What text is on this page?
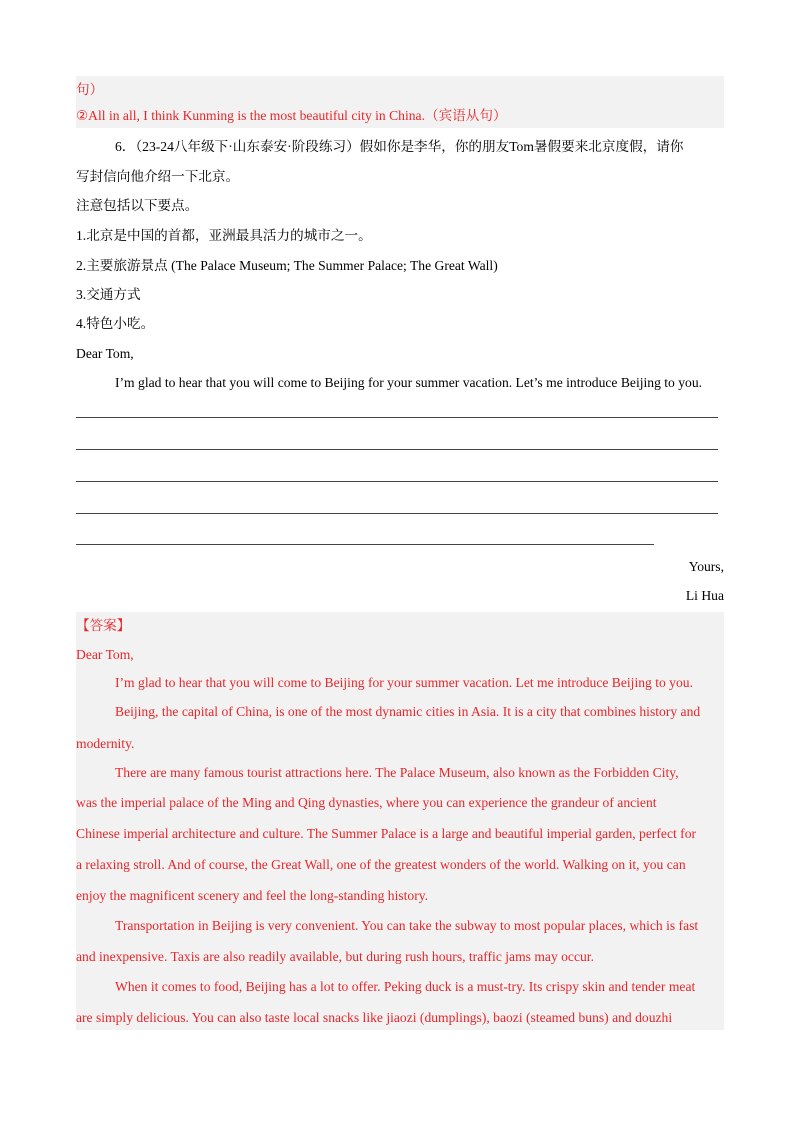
句）
②All in all, I think Kunming is the most beautiful city in China.（宾语从句）
6．（23-24八年级下·山东泰安·阶段练习）假如你是李华，你的朋友Tom暑假要来北京度假，请你
写封信向他介绍一下北京。
注意包括以下要点。
1.北京是中国的首都，亚洲最具活力的城市之一。
2.主要旅游景点 (The Palace Museum; The Summer Palace; The Great Wall)
3.交通方式
4.特色小吃。
Dear Tom,
I’m glad to hear that you will come to Beijing for your summer vacation. Let’s me introduce Beijing to you.
Yours,
Li Hua
【答案】
Dear Tom,
I’m glad to hear that you will come to Beijing for your summer vacation. Let me introduce Beijing to you.
Beijing, the capital of China, is one of the most dynamic cities in Asia. It is a city that combines history and
modernity.
There are many famous tourist attractions here. The Palace Museum, also known as the Forbidden City,
was the imperial palace of the Ming and Qing dynasties, where you can experience the grandeur of ancient
Chinese imperial architecture and culture. The Summer Palace is a large and beautiful imperial garden, perfect for
a relaxing stroll. And of course, the Great Wall, one of the greatest wonders of the world. Walking on it, you can
enjoy the magnificent scenery and feel the long-standing history.
Transportation in Beijing is very convenient. You can take the subway to most popular places, which is fast
and inexpensive. Taxis are also readily available, but during rush hours, traffic jams may occur.
When it comes to food, Beijing has a lot to offer. Peking duck is a must-try. Its crispy skin and tender meat
are simply delicious. You can also taste local snacks like jiaozi (dumplings), baozi (steamed buns) and douzhi
